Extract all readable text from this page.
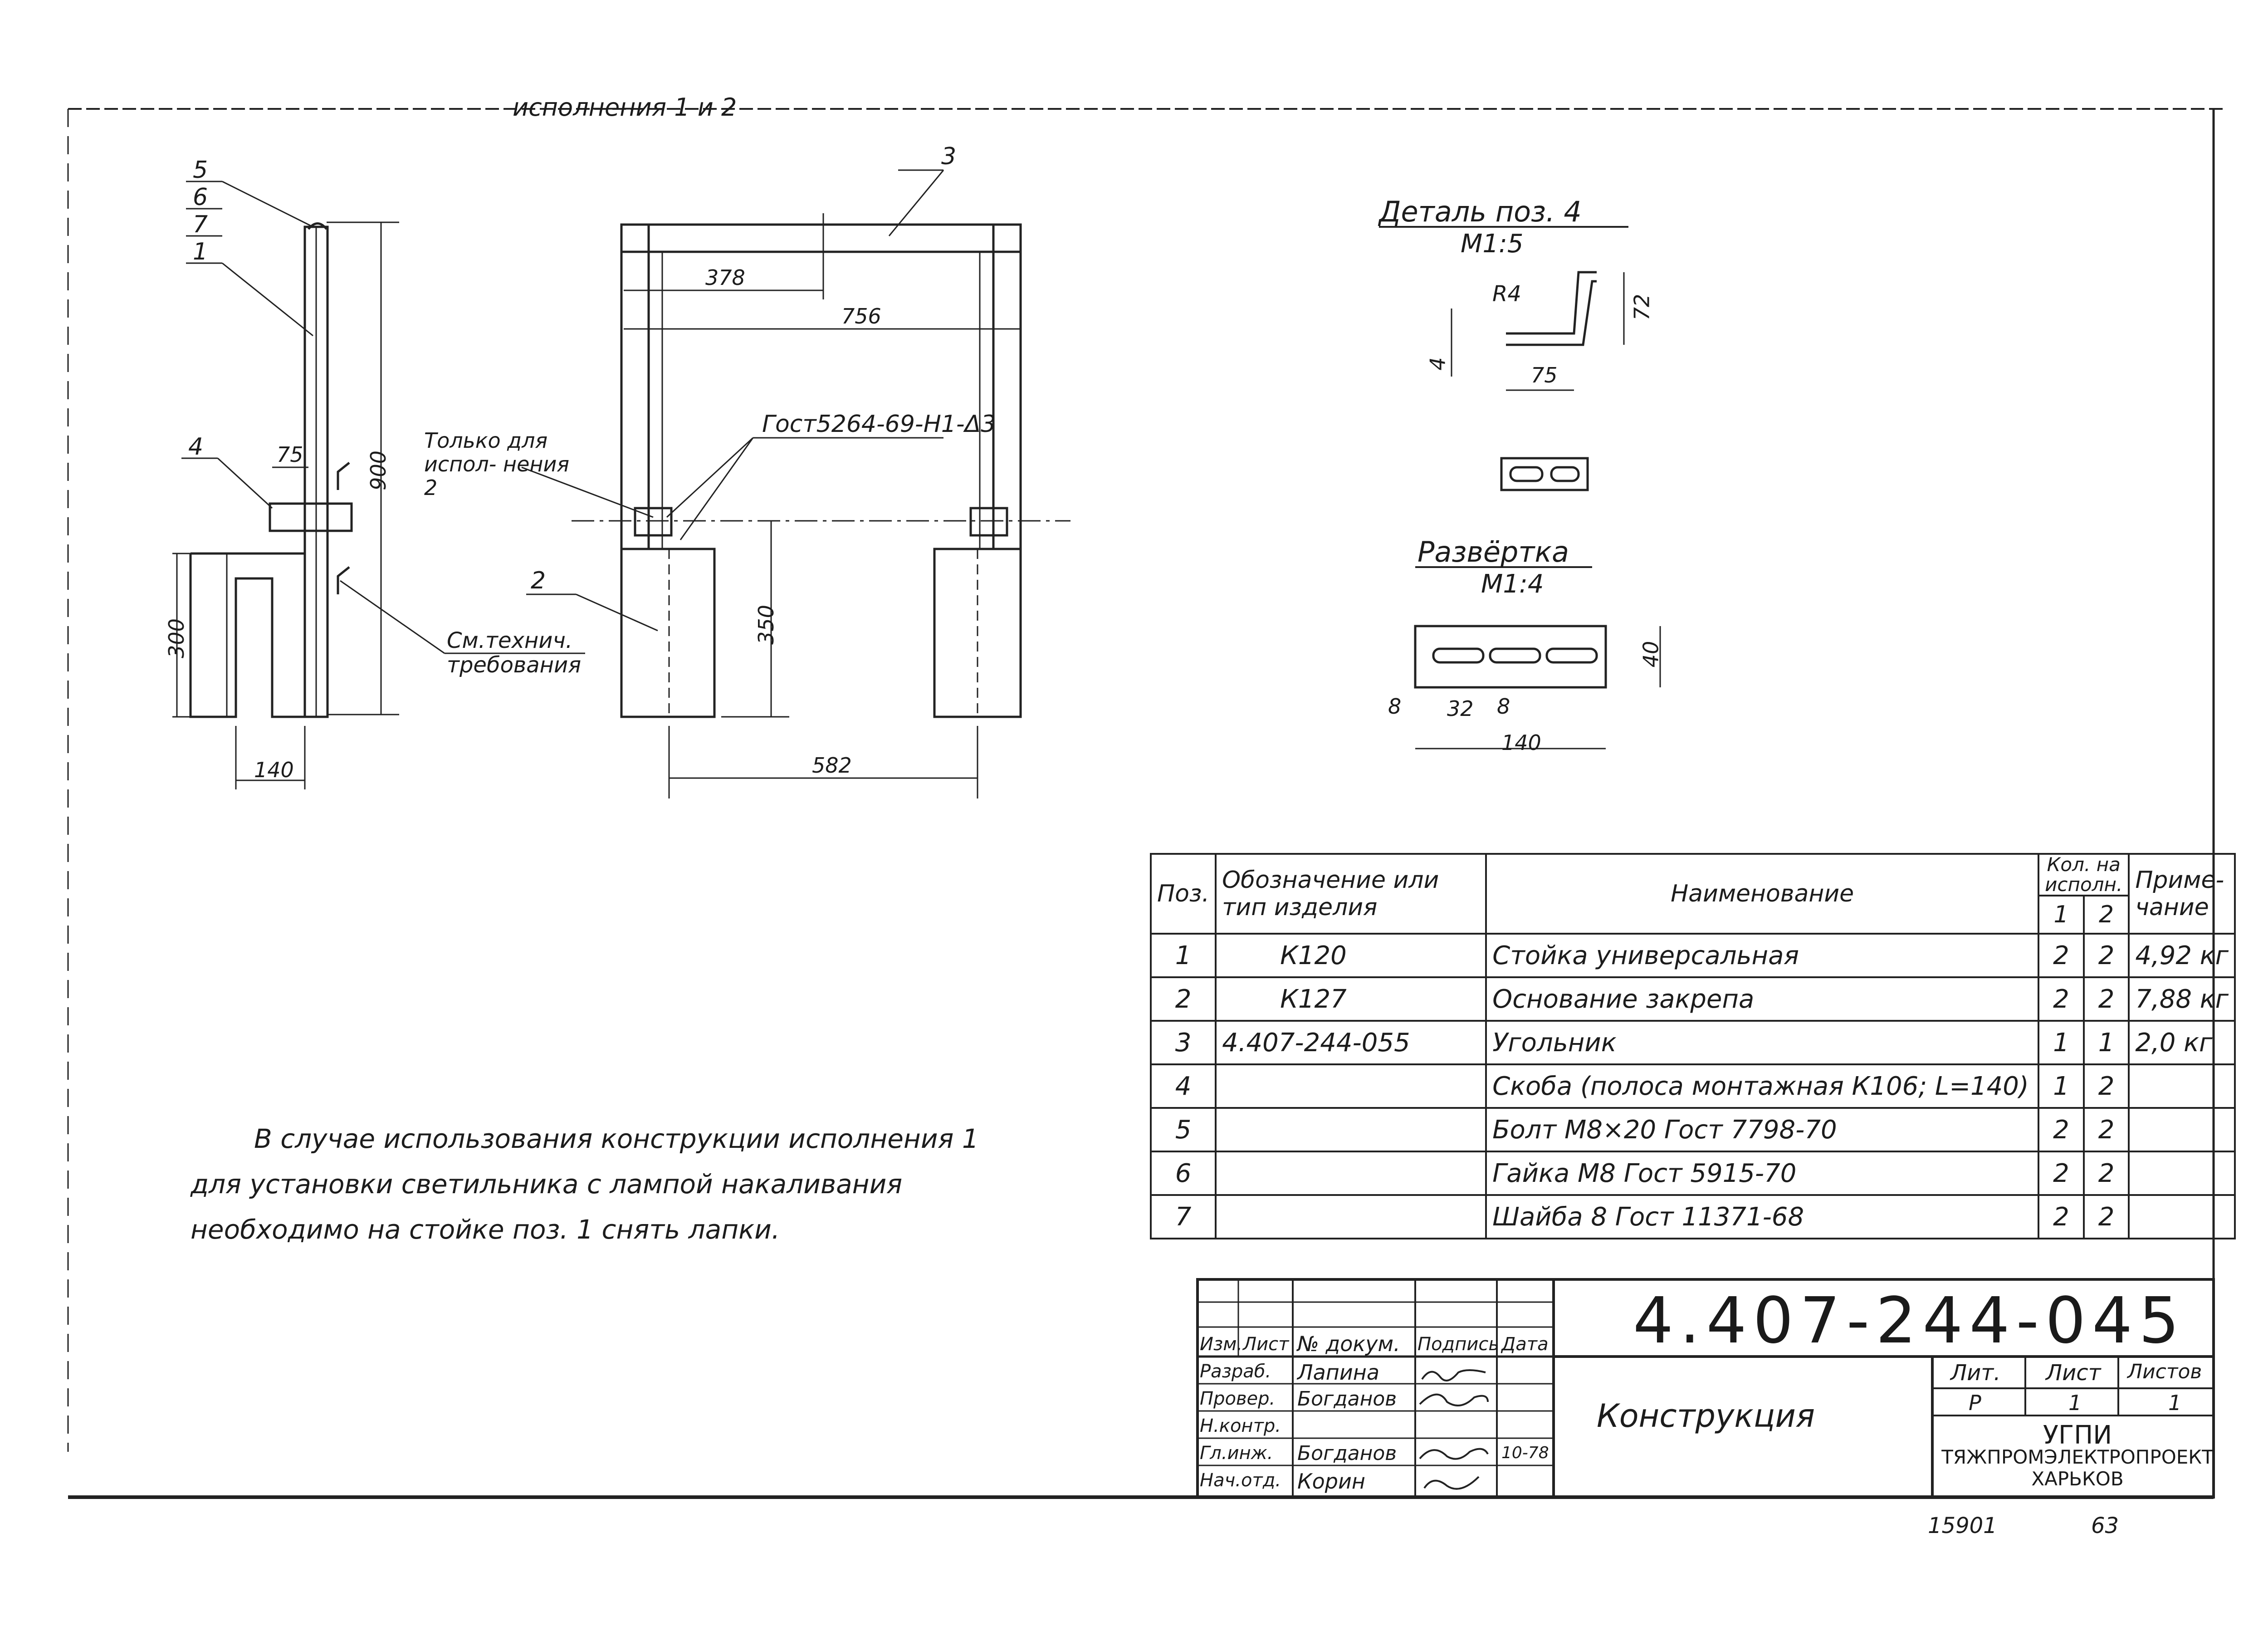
исполнения 1 и 2
5
6
7
1
4	75	900
300
140
См.технич. требования
3
2
378
756
350
582
Только для испол- нения 2
Гост5264-69-Н1-Δ3
Деталь поз. 4
М1:5
R4	72
4	75
Развёртка
М1:4
40
8 32 8
140
В случае использования конструкции исполнения 1
для установки светильника с лампой накаливания
необходимо на стойке поз. 1 снять лапки.
Поз.	Обозначение или тип изделия	Наименование	Кол. на исполн.		Приме- чание
			1	2	
1	К120	Стойка универсальная	2	2	4,92 кг
2	К127	Основание закрепа	2	2	7,88 кг
3	4.407-244-055	Угольник	1	1	2,0 кг
4		Скоба (полоса монтажная К106; L=140)	1	2	
5		Болт М8×20 Гост 7798-70	2	2	
6		Гайка М8 Гост 5915-70	2	2	
7		Шайба 8 Гост 11371-68	2	2	
4.407-244-045
Конструкция
Изм. Лист № докум. Подпись Дата
Разраб. Лапина
Провер. Богданов
Н.контр.
Гл.инж. Богданов	10-78
Нач.отд. Корин
Лит. Лист Листов
Р	1	1
УГПИ
ТЯЖПРОМЭЛЕКТРОПРОЕКТ
ХАРЬКОВ
15901	63
